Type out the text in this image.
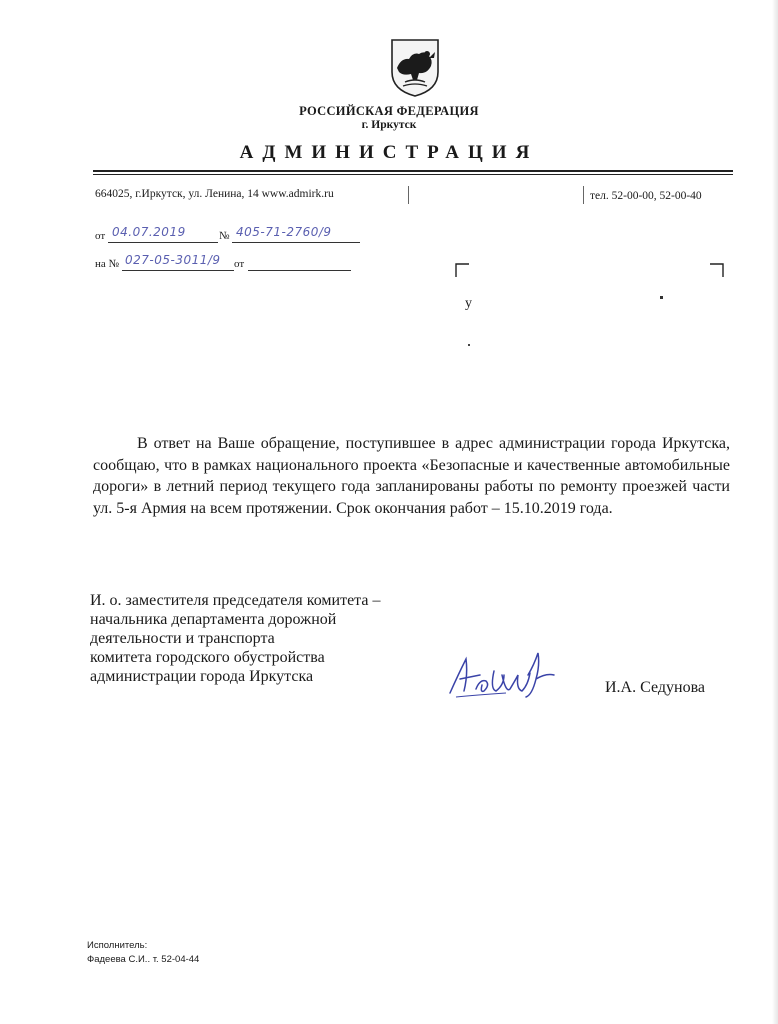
РОССИЙСКАЯ ФЕДЕРАЦИЯ
г. Иркутск
АДМИНИСТРАЦИЯ
664025, г.Иркутск, ул. Ленина, 14 www.admirk.ru	тел. 52-00-00, 52-00-40
от 04.07.2019	№ 405-71-2760/9
на № 027-05-3011/9 от
у

В ответ на Ваше обращение, поступившее в адрес администрации города Иркутска, сообщаю, что в рамках национального проекта «Безопасные и качественные автомобильные дороги» в летний период текущего года запланированы работы по ремонту проезжей части ул. 5-я Армия на всем протяжении. Срок окончания работ – 15.10.2019 года.

И. о. заместителя председателя комитета –
начальника департамента дорожной
деятельности и транспорта
комитета городского обустройства
администрации города Иркутска
И.А. Седунова
Исполнитель:
Фадеева С.И.. т. 52-04-44
